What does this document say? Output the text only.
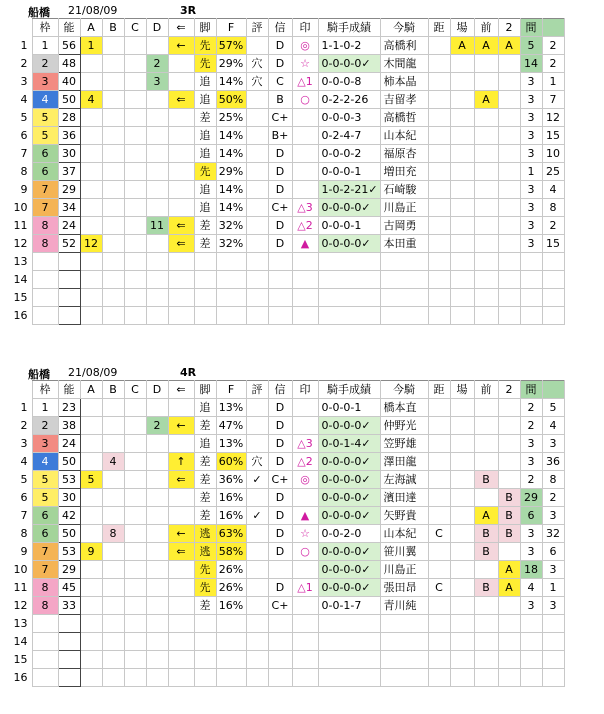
船橋 21/08/09	3R
	枠	能	A	B	C	D	⇐	脚	F	評	信	印	騎手成績	今騎	距	場	前	2	間	
1	1	56	1				←	先	57%		D	◎	1-1-0-2	高橋利		A	A	A	5	2
2	2	48				2		先	29%	穴	D	☆	0-0-0-0✓	木間龍					14	2
3	3	40				3		追	14%	穴	C	△1	0-0-0-8	柿本晶					3	1
4	4	50	4				⇐	追	50%		B	○	0-2-2-26	吉留孝			A		3	7
5	5	28						差	25%		C+		0-0-0-3	高橋哲					3	12
6	5	36						追	14%		B+		0-2-4-7	山本紀					3	15
7	6	30						追	14%		D		0-0-0-2	福原杏					3	10
8	6	37						先	29%		D		0-0-0-1	増田充					1	25
9	7	29						追	14%		D		1-0-2-21✓	石崎駿					3	4
10	7	34						追	14%		C+	△3	0-0-0-0✓	川島正					3	8
11	8	24				11	⇐	差	32%		D	△2	0-0-0-1	古岡勇					3	2
12	8	52	12				⇐	差	32%		D	▲	0-0-0-0✓	本田重					3	15
13																				
14																				
15																				
16																				
船橋 21/08/09	4R
	枠	能	A	B	C	D	⇐	脚	F	評	信	印	騎手成績	今騎	距	場	前	2	間	
1	1	23						追	13%		D		0-0-0-1	橋本直					2	5
2	2	38				2	←	差	47%		D		0-0-0-0✓	仲野光					2	4
3	3	24						追	13%		D	△3	0-0-1-4✓	笠野雄					3	3
4	4	50		4			↑	差	60%	穴	D	△2	0-0-0-0✓	澤田龍					3	36
5	5	53	5				⇐	差	36%	✓	C+	◎	0-0-0-0✓	左海誠			B		2	8
6	5	30						差	16%		D		0-0-0-0✓	濱田達				B	29	2
7	6	42						差	16%	✓	D	▲	0-0-0-0✓	矢野貴			A	B	6	3
8	6	50		8			←	逃	63%		D	☆	0-0-2-0	山本紀	C		B	B	3	32
9	7	53	9				⇐	逃	58%		D	○	0-0-0-0✓	笹川翼			B		3	6
10	7	29						先	26%				0-0-0-0✓	川島正				A	18	3
11	8	45						先	26%		D	△1	0-0-0-0✓	張田昂	C		B	A	4	1
12	8	33						差	16%		C+		0-0-1-7	青川純					3	3
13																				
14																				
15																				
16																				
